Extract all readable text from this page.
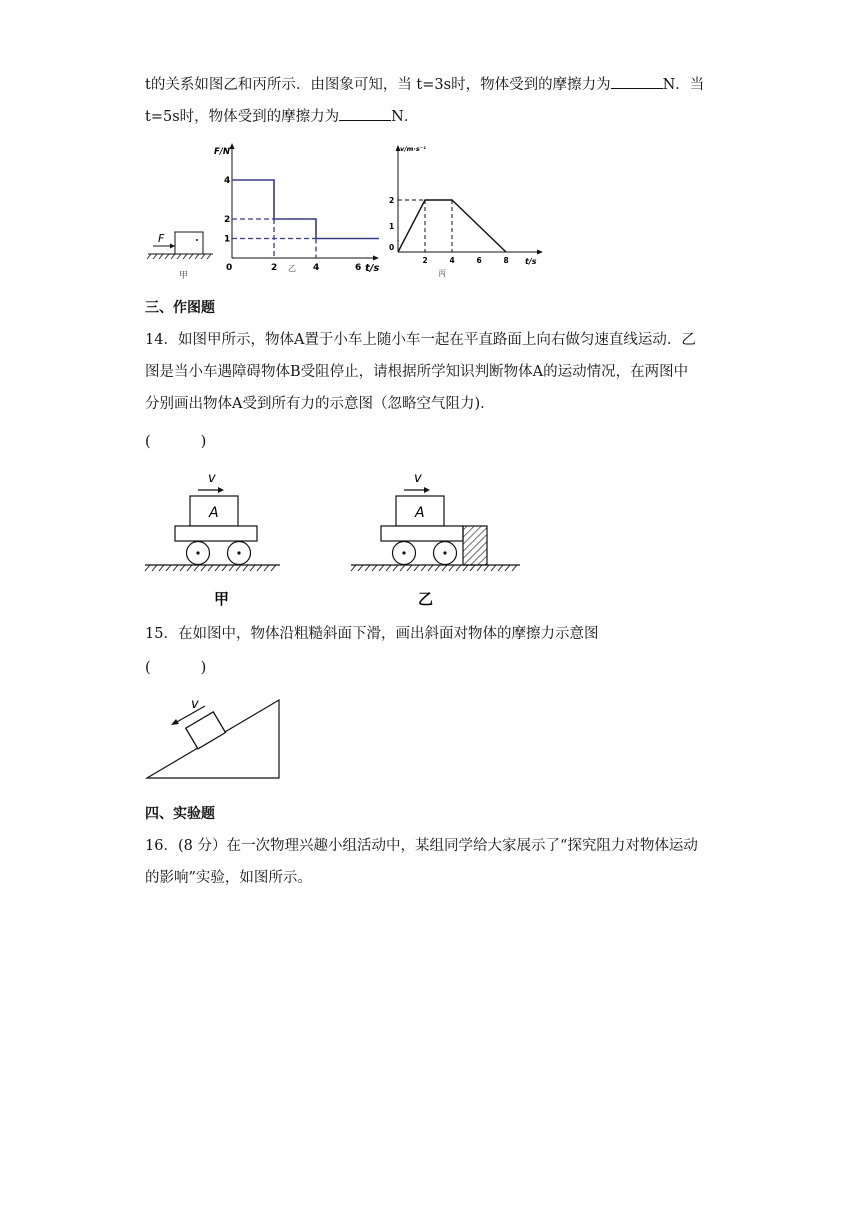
t的关系如图乙和丙所示．由图象可知，当 t=3s时，物体受到的摩擦力为	N．当
t=5s时，物体受到的摩擦力为	N．
F
甲
F/N
t/s
0	2	4	6
1
2
4
乙
v/m·s⁻¹
t/s
0
2	4	6	8
1
2
丙
三、作图题
14．如图甲所示，物体A置于小车上随小车一起在平直路面上向右做匀速直线运动．乙
图是当小车遇障碍物体B受阻停止，请根据所学知识判断物体A的运动情况，在两图中
分别画出物体A受到所有力的示意图（忽略空气阻力)．
(	)
v
A
甲
v
A
乙
15．在如图中，物体沿粗糙斜面下滑，画出斜面对物体的摩擦力示意图
(	)
v
四、实验题
16．(8 分）在一次物理兴趣小组活动中，某组同学给大家展示了“探究阻力对物体运动
的影响”实验，如图所示。
